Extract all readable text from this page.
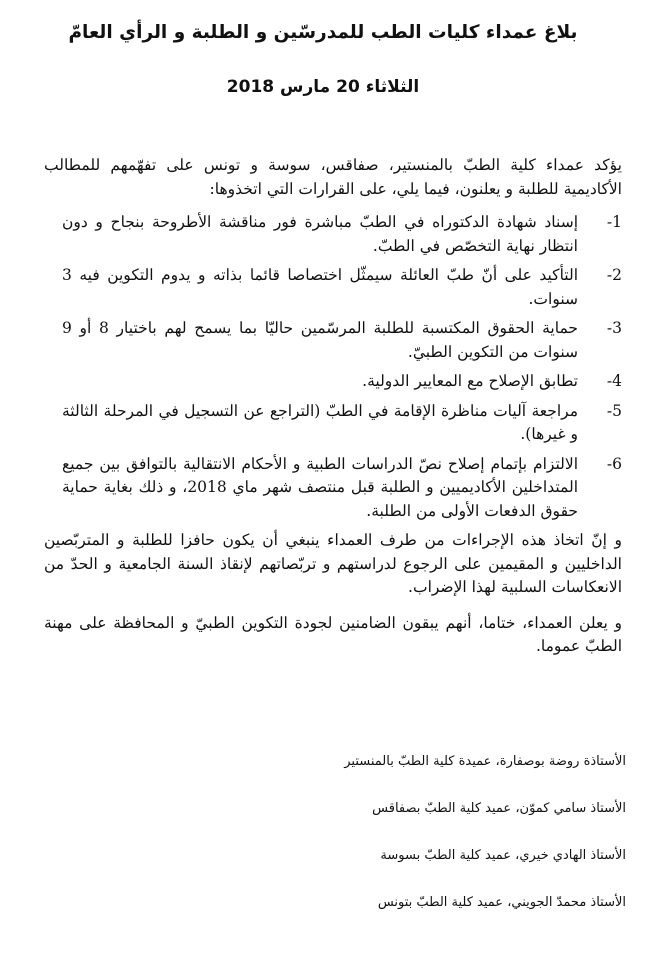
بلاغ عمداء كليات الطب للمدرسّين و الطلبة و الرأي العامّ
الثلاثاء 20 مارس 2018

يؤكد عمداء كلية الطبّ بالمنستير، صفاقس، سوسة و تونس على تفهّمهم للمطالب الأكاديمية للطلبة و يعلنون، فيما يلي، على القرارات التي اتخذوها:

1-
إسناد شهادة الدكتوراه في الطبّ مباشرة فور مناقشة الأطروحة بنجاح و دون انتظار نهاية التخصّص في الطبّ.
2-
التأكيد على أنّ طبّ العائلة سيمثّل اختصاصا قائما بذاته و يدوم التكوين فيه 3 سنوات.
3-
حماية الحقوق المكتسبة للطلبة المرسّمين حاليّا بما يسمح لهم باختيار 8 أو 9 سنوات من التكوين الطبيّ.
4-
تطابق الإصلاح مع المعايير الدولية.
5-
مراجعة آليات مناظرة الإقامة في الطبّ (التراجع عن التسجيل في المرحلة الثالثة و غيرها).
6-
الالتزام بإتمام إصلاح نصّ الدراسات الطبية و الأحكام الانتقالية بالتوافق بين جميع المتداخلين الأكاديميين و الطلبة قبل منتصف شهر ماي 2018، و ذلك بغاية حماية حقوق الدفعات الأولى من الطلبة.

و إنّ اتخاذ هذه الإجراءات من طرف العمداء ينبغي أن يكون حافزا للطلبة و المتربّصين الداخليين و المقيمين على الرجوع لدراستهم و تربّصاتهم لإنقاذ السنة الجامعية و الحدّ من الانعكاسات السلبية لهذا الإضراب.

و يعلن العمداء، ختاما، أنهم يبقون الضامنين لجودة التكوين الطبيّ و المحافظة على مهنة الطبّ عموما.

الأستاذة روضة بوصفارة، عميدة كلية الطبّ بالمنستير
الأستاذ سامي كموّن، عميد كلية الطبّ بصفاقس
الأستاذ الهادي خيري، عميد كلية الطبّ بسوسة
الأستاذ محمدّ الجويني، عميد كلية الطبّ بتونس
